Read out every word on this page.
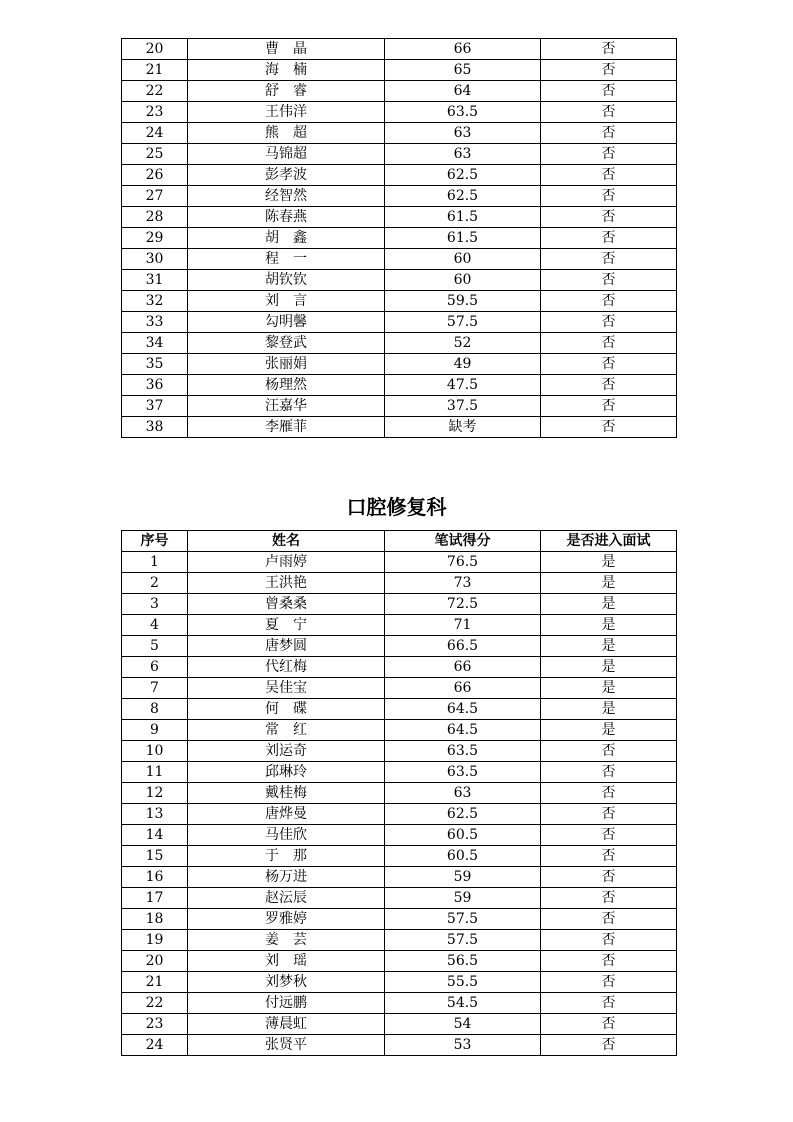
20	曹　晶	66	否
21	海　楠	65	否
22	舒　睿	64	否
23	王伟洋	63.5	否
24	熊　超	63	否
25	马锦超	63	否
26	彭孝波	62.5	否
27	经智然	62.5	否
28	陈春燕	61.5	否
29	胡　鑫	61.5	否
30	程　一	60	否
31	胡钦钦	60	否
32	刘　言	59.5	否
33	勾明馨	57.5	否
34	黎登武	52	否
35	张丽娟	49	否
36	杨理然	47.5	否
37	汪嘉华	37.5	否
38	李雁菲	缺考	否
口腔修复科
序号	姓名	笔试得分	是否进入面试
1	卢雨婷	76.5	是
2	王洪艳	73	是
3	曾桑桑	72.5	是
4	夏　宁	71	是
5	唐梦圆	66.5	是
6	代红梅	66	是
7	吴佳宝	66	是
8	何　碟	64.5	是
9	常　红	64.5	是
10	刘运奇	63.5	否
11	邱琳玲	63.5	否
12	戴桂梅	63	否
13	唐烨曼	62.5	否
14	马佳欣	60.5	否
15	于　那	60.5	否
16	杨万进	59	否
17	赵沄辰	59	否
18	罗雅婷	57.5	否
19	姜　芸	57.5	否
20	刘　瑶	56.5	否
21	刘梦秋	55.5	否
22	付远鹏	54.5	否
23	薄晨虹	54	否
24	张贤平	53	否
